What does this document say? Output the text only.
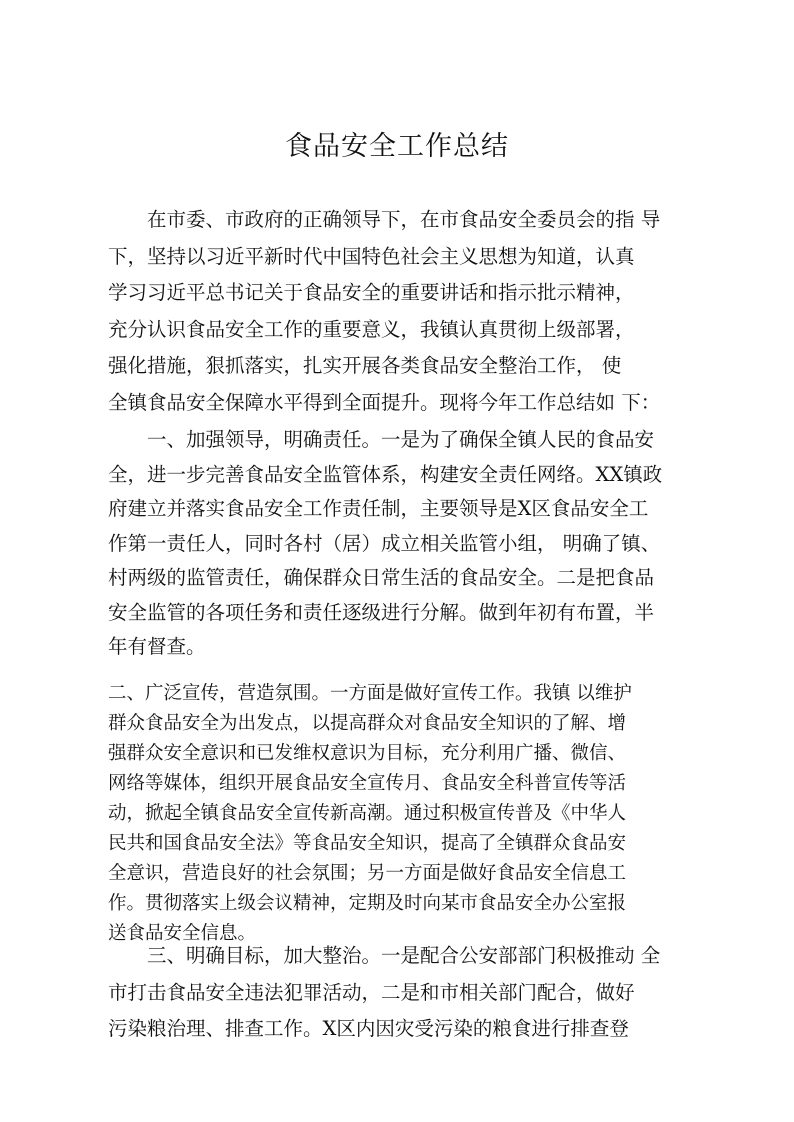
食品安全工作总结
　　在市委、市政府的正确领导下，在市食品安全委员会的指 导
下，坚持以习近平新时代中国特色社会主义思想为知道，认真
学习习近平总书记关于食品安全的重要讲话和指示批示精神，
充分认识食品安全工作的重要意义，我镇认真贯彻上级部署，
强化措施，狠抓落实，扎实开展各类食品安全整治工作， 使
全镇食品安全保障水平得到全面提升。现将今年工作总结如 下：
　　一、加强领导，明确责任。一是为了确保全镇人民的食品安
全，进一步完善食品安全监管体系，构建安全责任网络。XX镇政
府建立并落实食品安全工作责任制，主要领导是X区食品安全工
作第一责任人，同时各村（居）成立相关监管小组， 明确了镇、
村两级的监管责任，确保群众日常生活的食品安全。二是把食品
安全监管的各项任务和责任逐级进行分解。做到年初有布置，半
年有督查。
二、广泛宣传，营造氛围。一方面是做好宣传工作。我镇 以维护
群众食品安全为出发点，以提高群众对食品安全知识的了解、增
强群众安全意识和已发维权意识为目标，充分利用广播、微信、
网络等媒体，组织开展食品安全宣传月、食品安全科普宣传等活
动，掀起全镇食品安全宣传新高潮。通过积极宣传普及《中华人
民共和国食品安全法》等食品安全知识，提高了全镇群众食品安
全意识，营造良好的社会氛围；另一方面是做好食品安全信息工
作。贯彻落实上级会议精神，定期及时向某市食品安全办公室报
送食品安全信息。
　　三、明确目标，加大整治。一是配合公安部部门积极推动 全
市打击食品安全违法犯罪活动，二是和市相关部门配合，做好
污染粮治理、排查工作。X区内因灾受污染的粮食进行排查登
